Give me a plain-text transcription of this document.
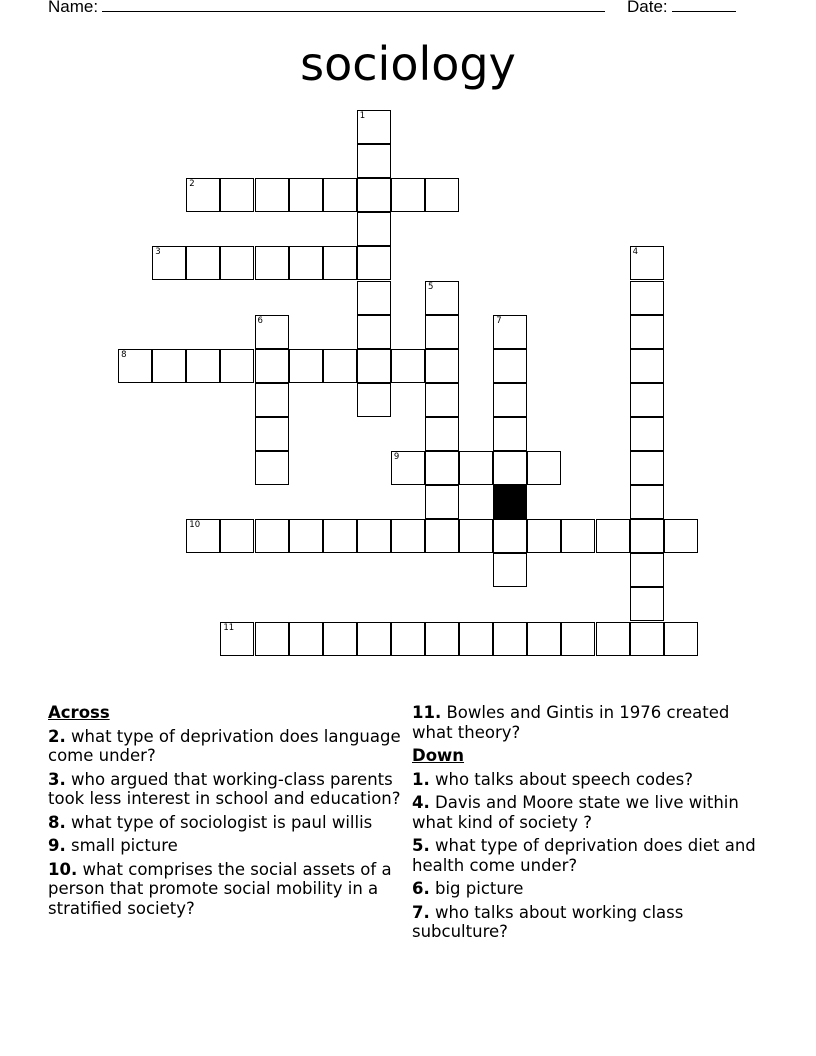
Name:	Date:
sociology
1
2
3	4
5
6	7
8
9
10
11
Across
2. what type of deprivation does language come under?
3. who argued that working-class parents took less interest in school and education?
8. what type of sociologist is paul willis
9. small picture
10. what comprises the social assets of a person that promote social mobility in a stratified society?
11. Bowles and Gintis in 1976 created what theory?
Down
1. who talks about speech codes?
4. Davis and Moore state we live within what kind of society ?
5. what type of deprivation does diet and health come under?
6. big picture
7. who talks about working class subculture?
